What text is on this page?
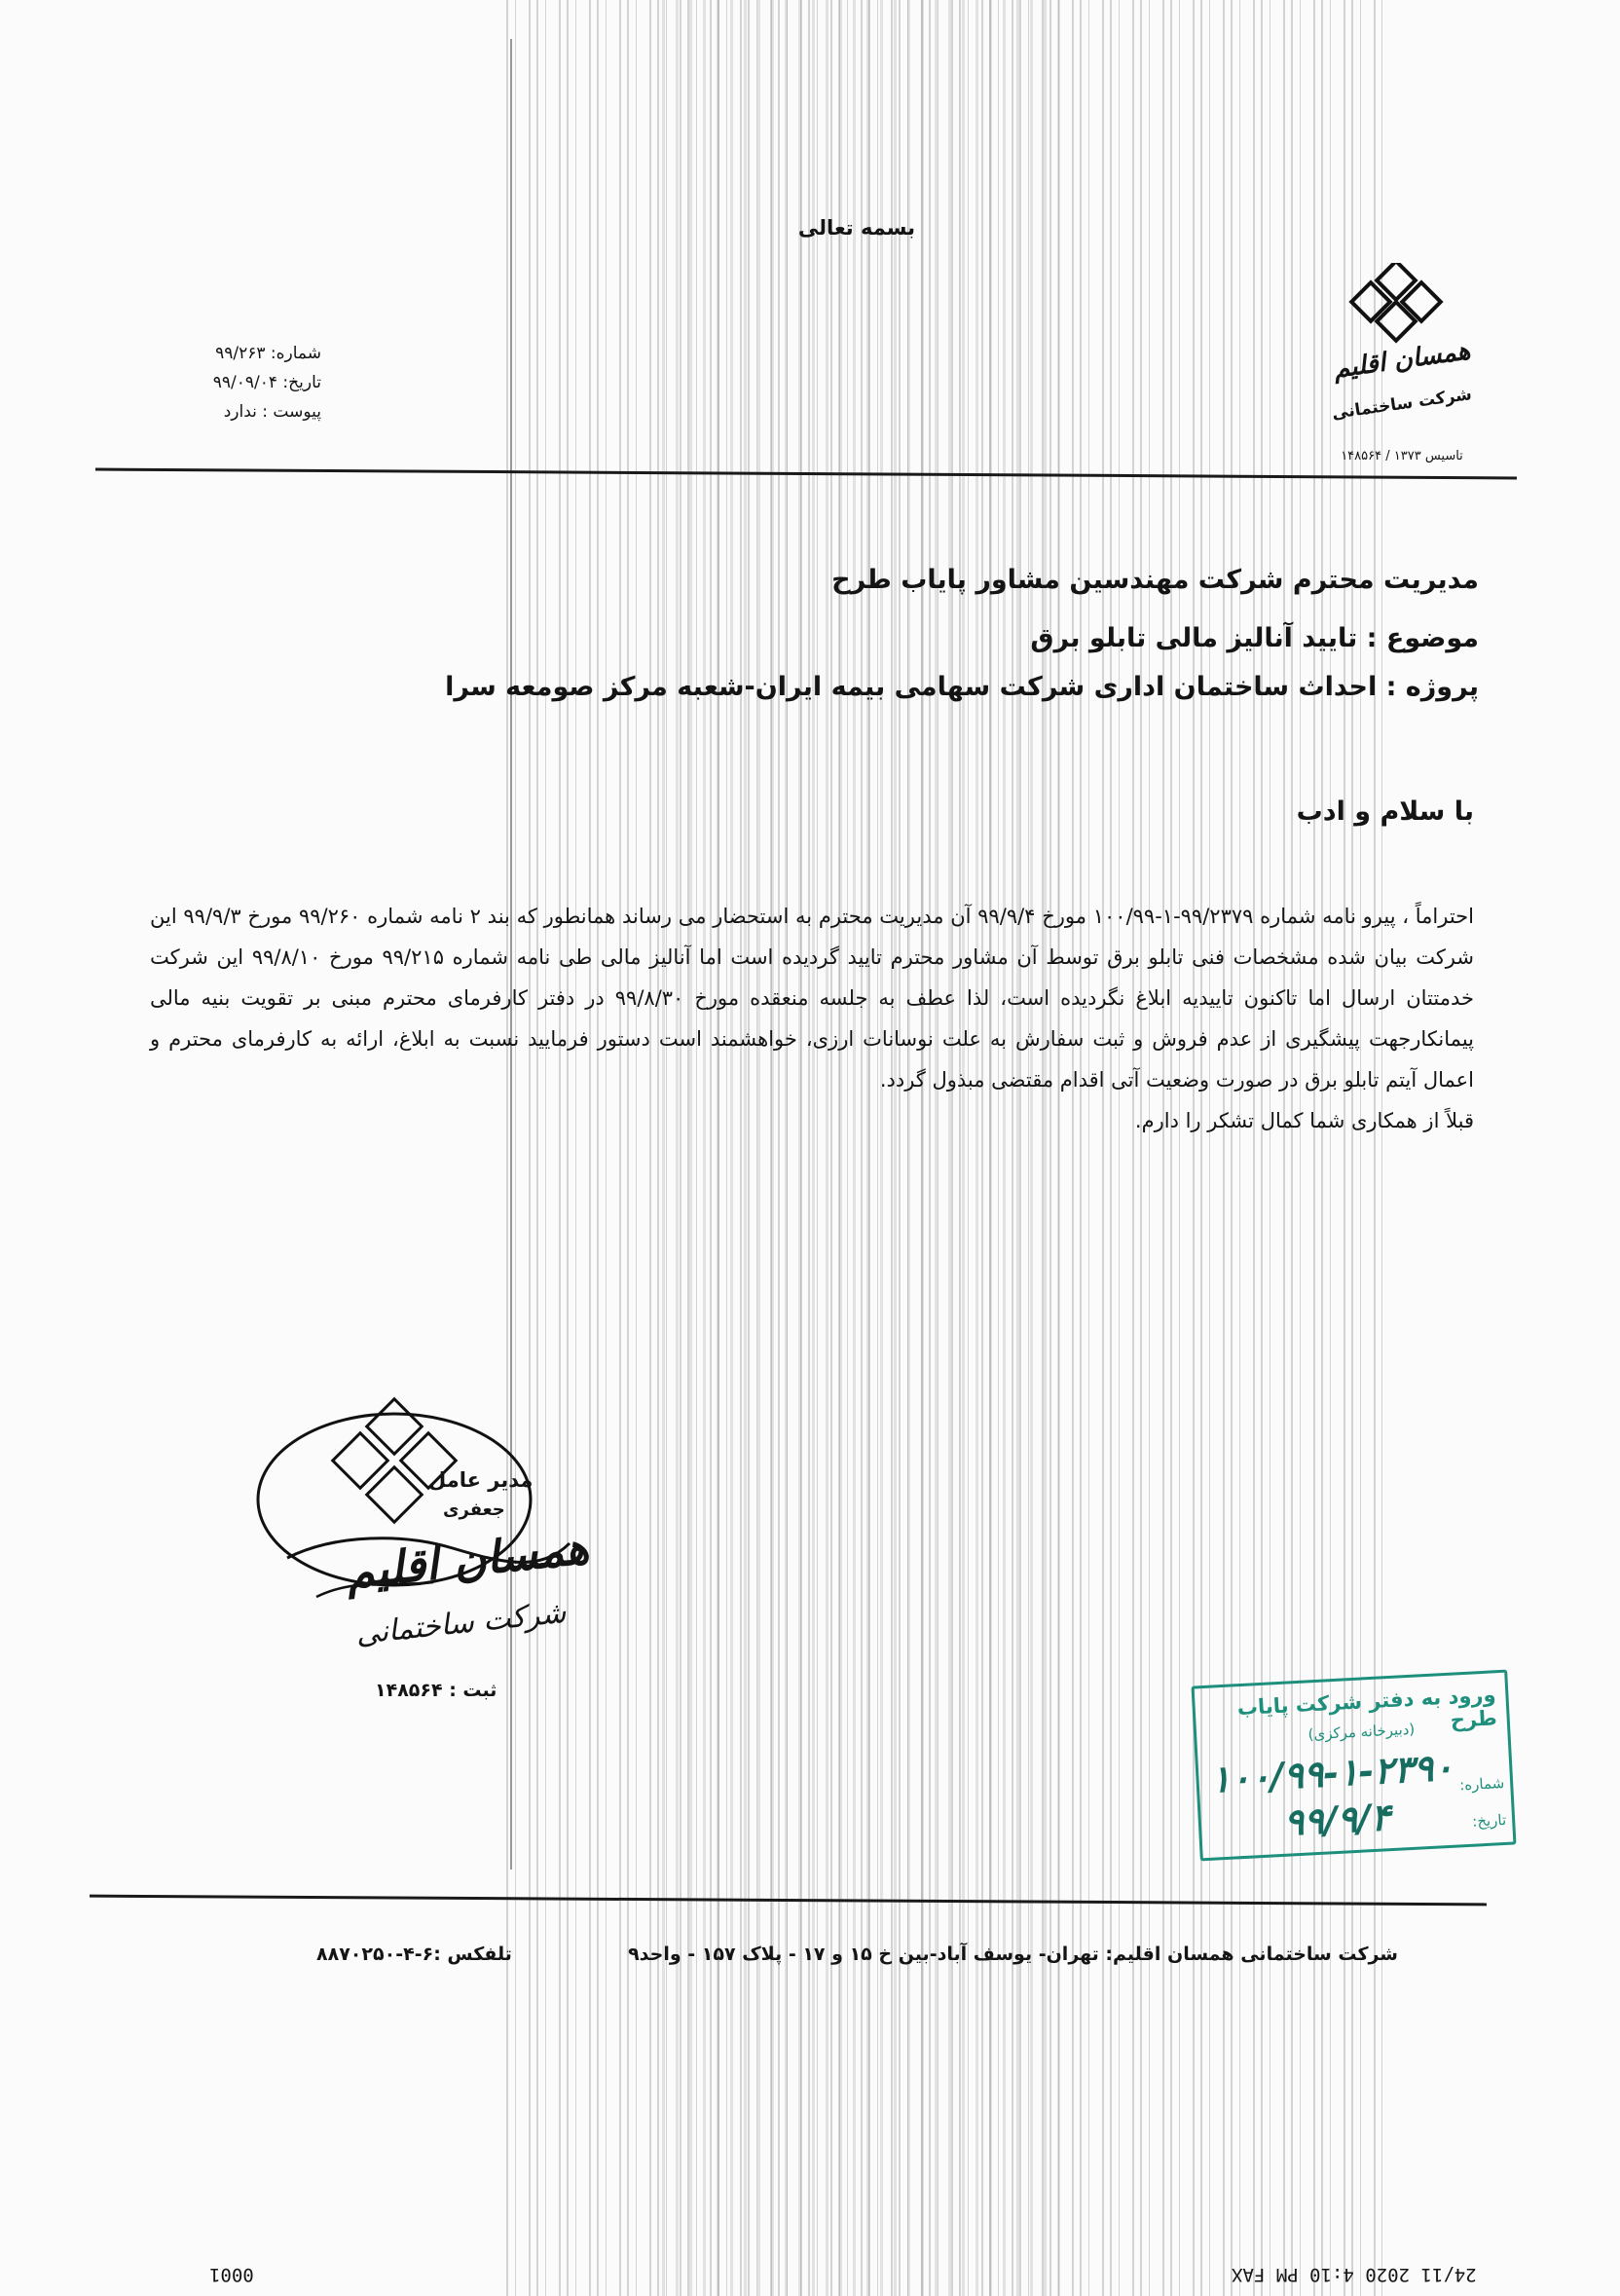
بسمه تعالی
شماره: ۹۹/۲۶۳
تاریخ: ۹۹/۰۹/۰۴
پیوست : ندارد
همسان اقلیم
شرکت ساختمانی
تاسیس ۱۳۷۳ / ۱۴۸۵۶۴
مدیریت محترم شرکت مهندسین مشاور پایاب طرح
موضوع : تایید آنالیز مالی تابلو برق
پروژه : احداث ساختمان اداری شرکت سهامی بیمه ایران-شعبه مرکز صومعه سرا
با سلام و ادب

احتراماً ، پیرو نامه شماره ۹۹/۲۳۷۹-۱-۱۰۰/۹۹ مورخ ۹۹/۹/۴ آن مدیریت محترم به استحضار می رساند همانطور که بند ۲ نامه شماره ۹۹/۲۶۰ مورخ ۹۹/۹/۳ این شرکت بیان شده مشخصات فنی تابلو برق توسط آن مشاور محترم تایید گردیده است اما آنالیز مالی طی نامه شماره ۹۹/۲۱۵ مورخ ۹۹/۸/۱۰ این شرکت خدمتتان ارسال اما تاکنون تاییدیه ابلاغ نگردیده است، لذا عطف به جلسه منعقده مورخ ۹۹/۸/۳۰ در دفتر کارفرمای محترم مبنی بر تقویت بنیه مالی پیمانکارجهت پیشگیری از عدم فروش و ثبت سفارش به علت نوسانات ارزی، خواهشمند است دستور فرمایید نسبت به ابلاغ، ارائه به کارفرمای محترم و اعمال آیتم تابلو برق در صورت وضعیت آتی اقدام مقتضی مبذول گردد.

قبلاً از همکاری شما کمال تشکر را دارم.

مدیر عامل
جعفری
همسان اقلیم
شرکت ساختمانی
ثبت : ۱۴۸۵۶۴	ورود به دفتر شرکت پایاب طرح
(دبیرخانه مرکزی)
شماره:
تاریخ:
۱۰۰/۹۹-۱-۲۳۹۰
۹۹/۹/۴
شرکت ساختمانی همسان اقلیم: تهران- یوسف آباد-بین خ ۱۵ و ۱۷ - پلاک ۱۵۷ - واحد۹
تلفکس :۶-۴-۸۸۷۰۲۵۰
0001	24/11 2020 4:10 PM FAX
